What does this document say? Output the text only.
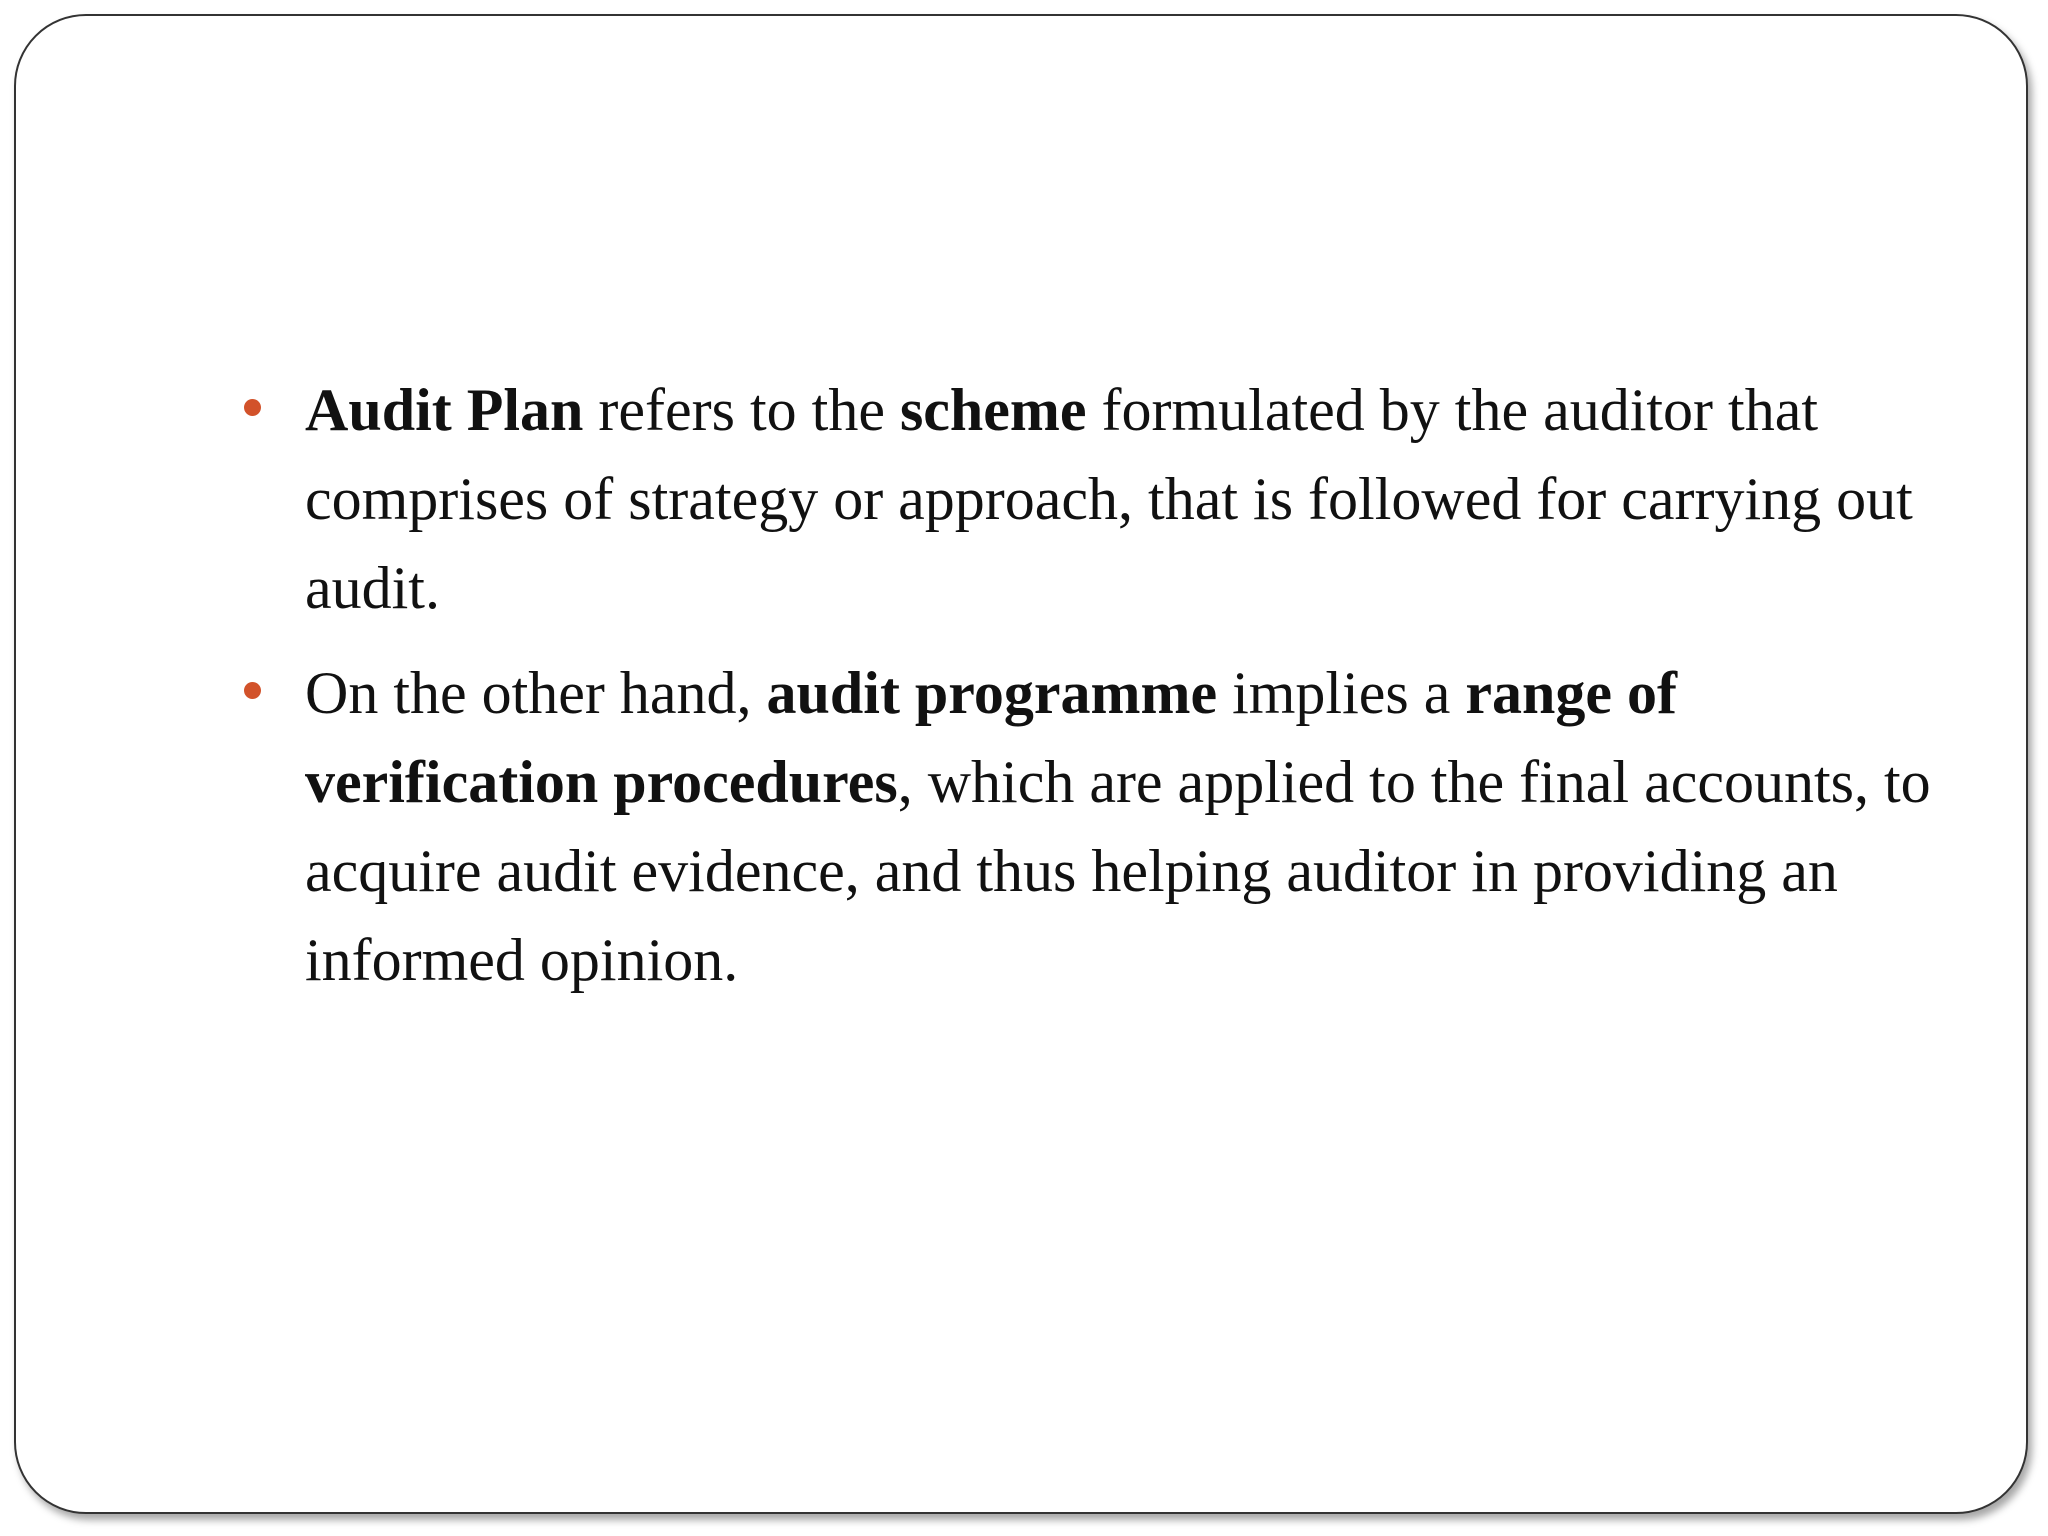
Audit Plan refers to the scheme formulated by the auditor that comprises of strategy or approach, that is followed for carrying out audit.
On the other hand, audit programme implies a range of verification procedures, which are applied to the final accounts, to acquire audit evidence, and thus helping auditor in providing an informed opinion.
